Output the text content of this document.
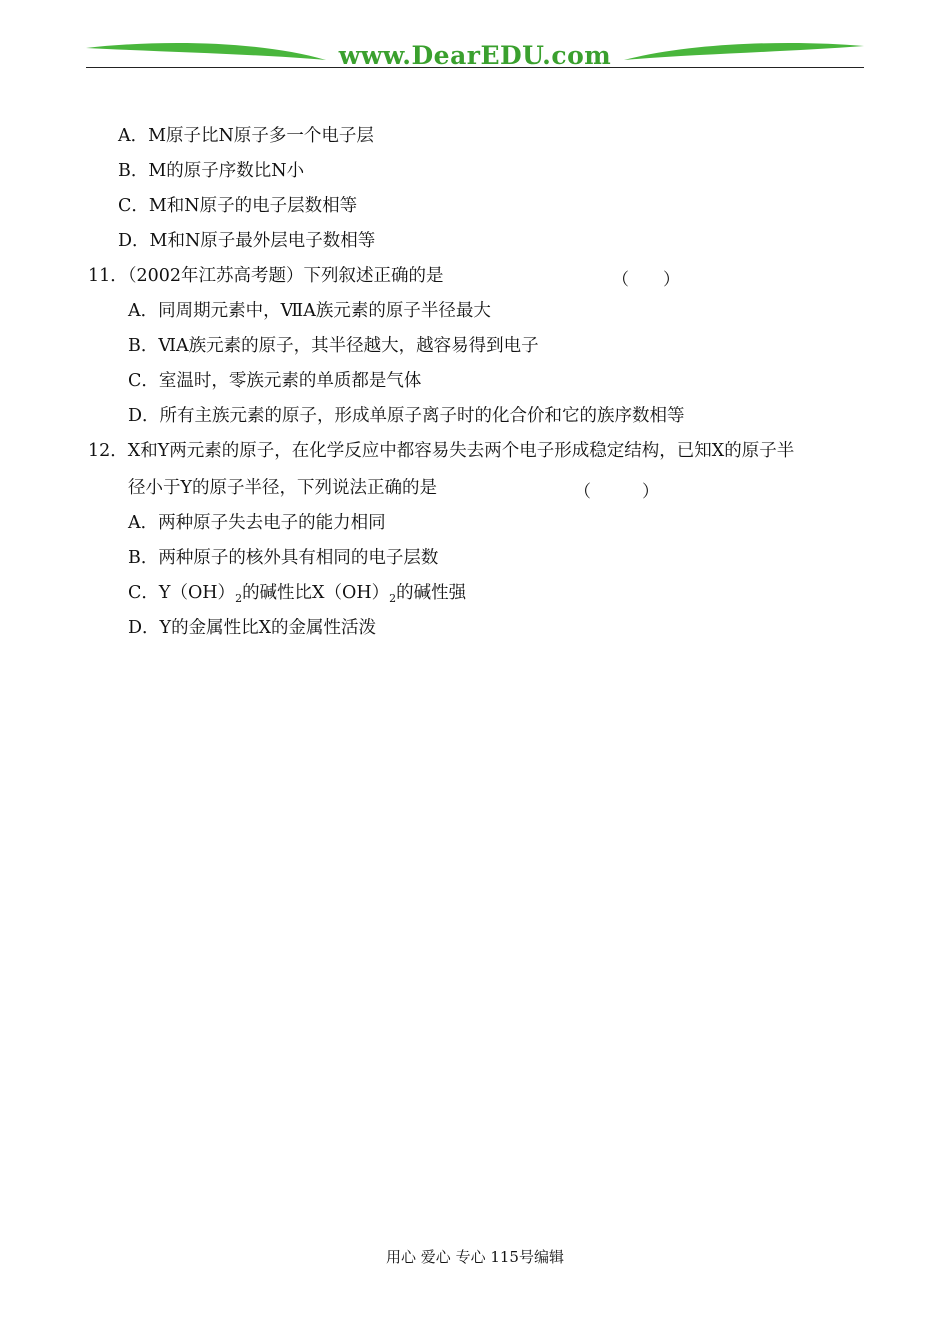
www.DearEDU.com
A．M原子比N原子多一个电子层
B．M的原子序数比N小
C．M和N原子的电子层数相等
D．M和N原子最外层电子数相等
11．（2002年江苏高考题）下列叙述正确的是	（　　）
A．同周期元素中，ⅦA族元素的原子半径最大
B．ⅥA族元素的原子，其半径越大，越容易得到电子
C．室温时，零族元素的单质都是气体
D．所有主族元素的原子，形成单原子离子时的化合价和它的族序数相等
12．X和Y两元素的原子，在化学反应中都容易失去两个电子形成稳定结构，已知X的原子半
径小于Y的原子半径，下列说法正确的是	（　　　）
A．两种原子失去电子的能力相同
B．两种原子的核外具有相同的电子层数
C．$Y(OH)_2$的碱性比$X(OH)_2$的碱性强
D．Y的金属性比X的金属性活泼
用心 爱心 专心 115号编辑
